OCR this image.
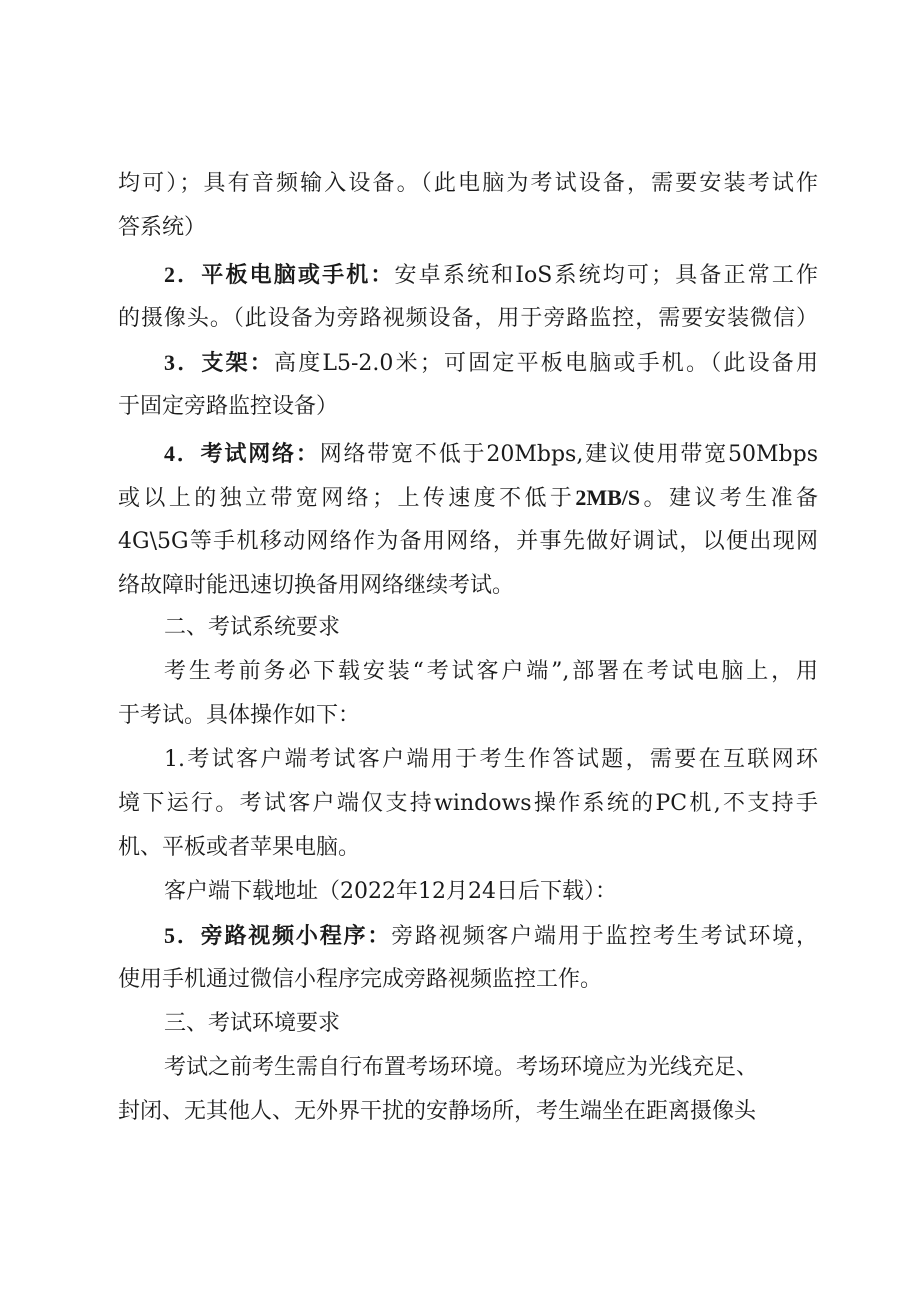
均可）；具有音频输入设备。（此电脑为考试设备，需要安装考试作
答系统）
2．平板电脑或手机：安卓系统和IoS系统均可；具备正常工作
的摄像头。（此设备为旁路视频设备，用于旁路监控，需要安装微信）
3．支架：高度L5-2.0米；可固定平板电脑或手机。（此设备用
于固定旁路监控设备）
4．考试网络：网络带宽不低于20Mbps,建议使用带宽50Mbps
或以上的独立带宽网络；上传速度不低于2MB/S。建议考生准备
4G\5G等手机移动网络作为备用网络，并事先做好调试，以便出现网
络故障时能迅速切换备用网络继续考试。
二、考试系统要求
考生考前务必下载安装“考试客户端”,部署在考试电脑上，用
于考试。具体操作如下：
1.考试客户端考试客户端用于考生作答试题，需要在互联网环
境下运行。考试客户端仅支持windows操作系统的PC机,不支持手
机、平板或者苹果电脑。
客户端下载地址（2022年12月24日后下载）：
5．旁路视频小程序：旁路视频客户端用于监控考生考试环境，
使用手机通过微信小程序完成旁路视频监控工作。
三、考试环境要求
考试之前考生需自行布置考场环境。考场环境应为光线充足、
封闭、无其他人、无外界干扰的安静场所，考生端坐在距离摄像头
